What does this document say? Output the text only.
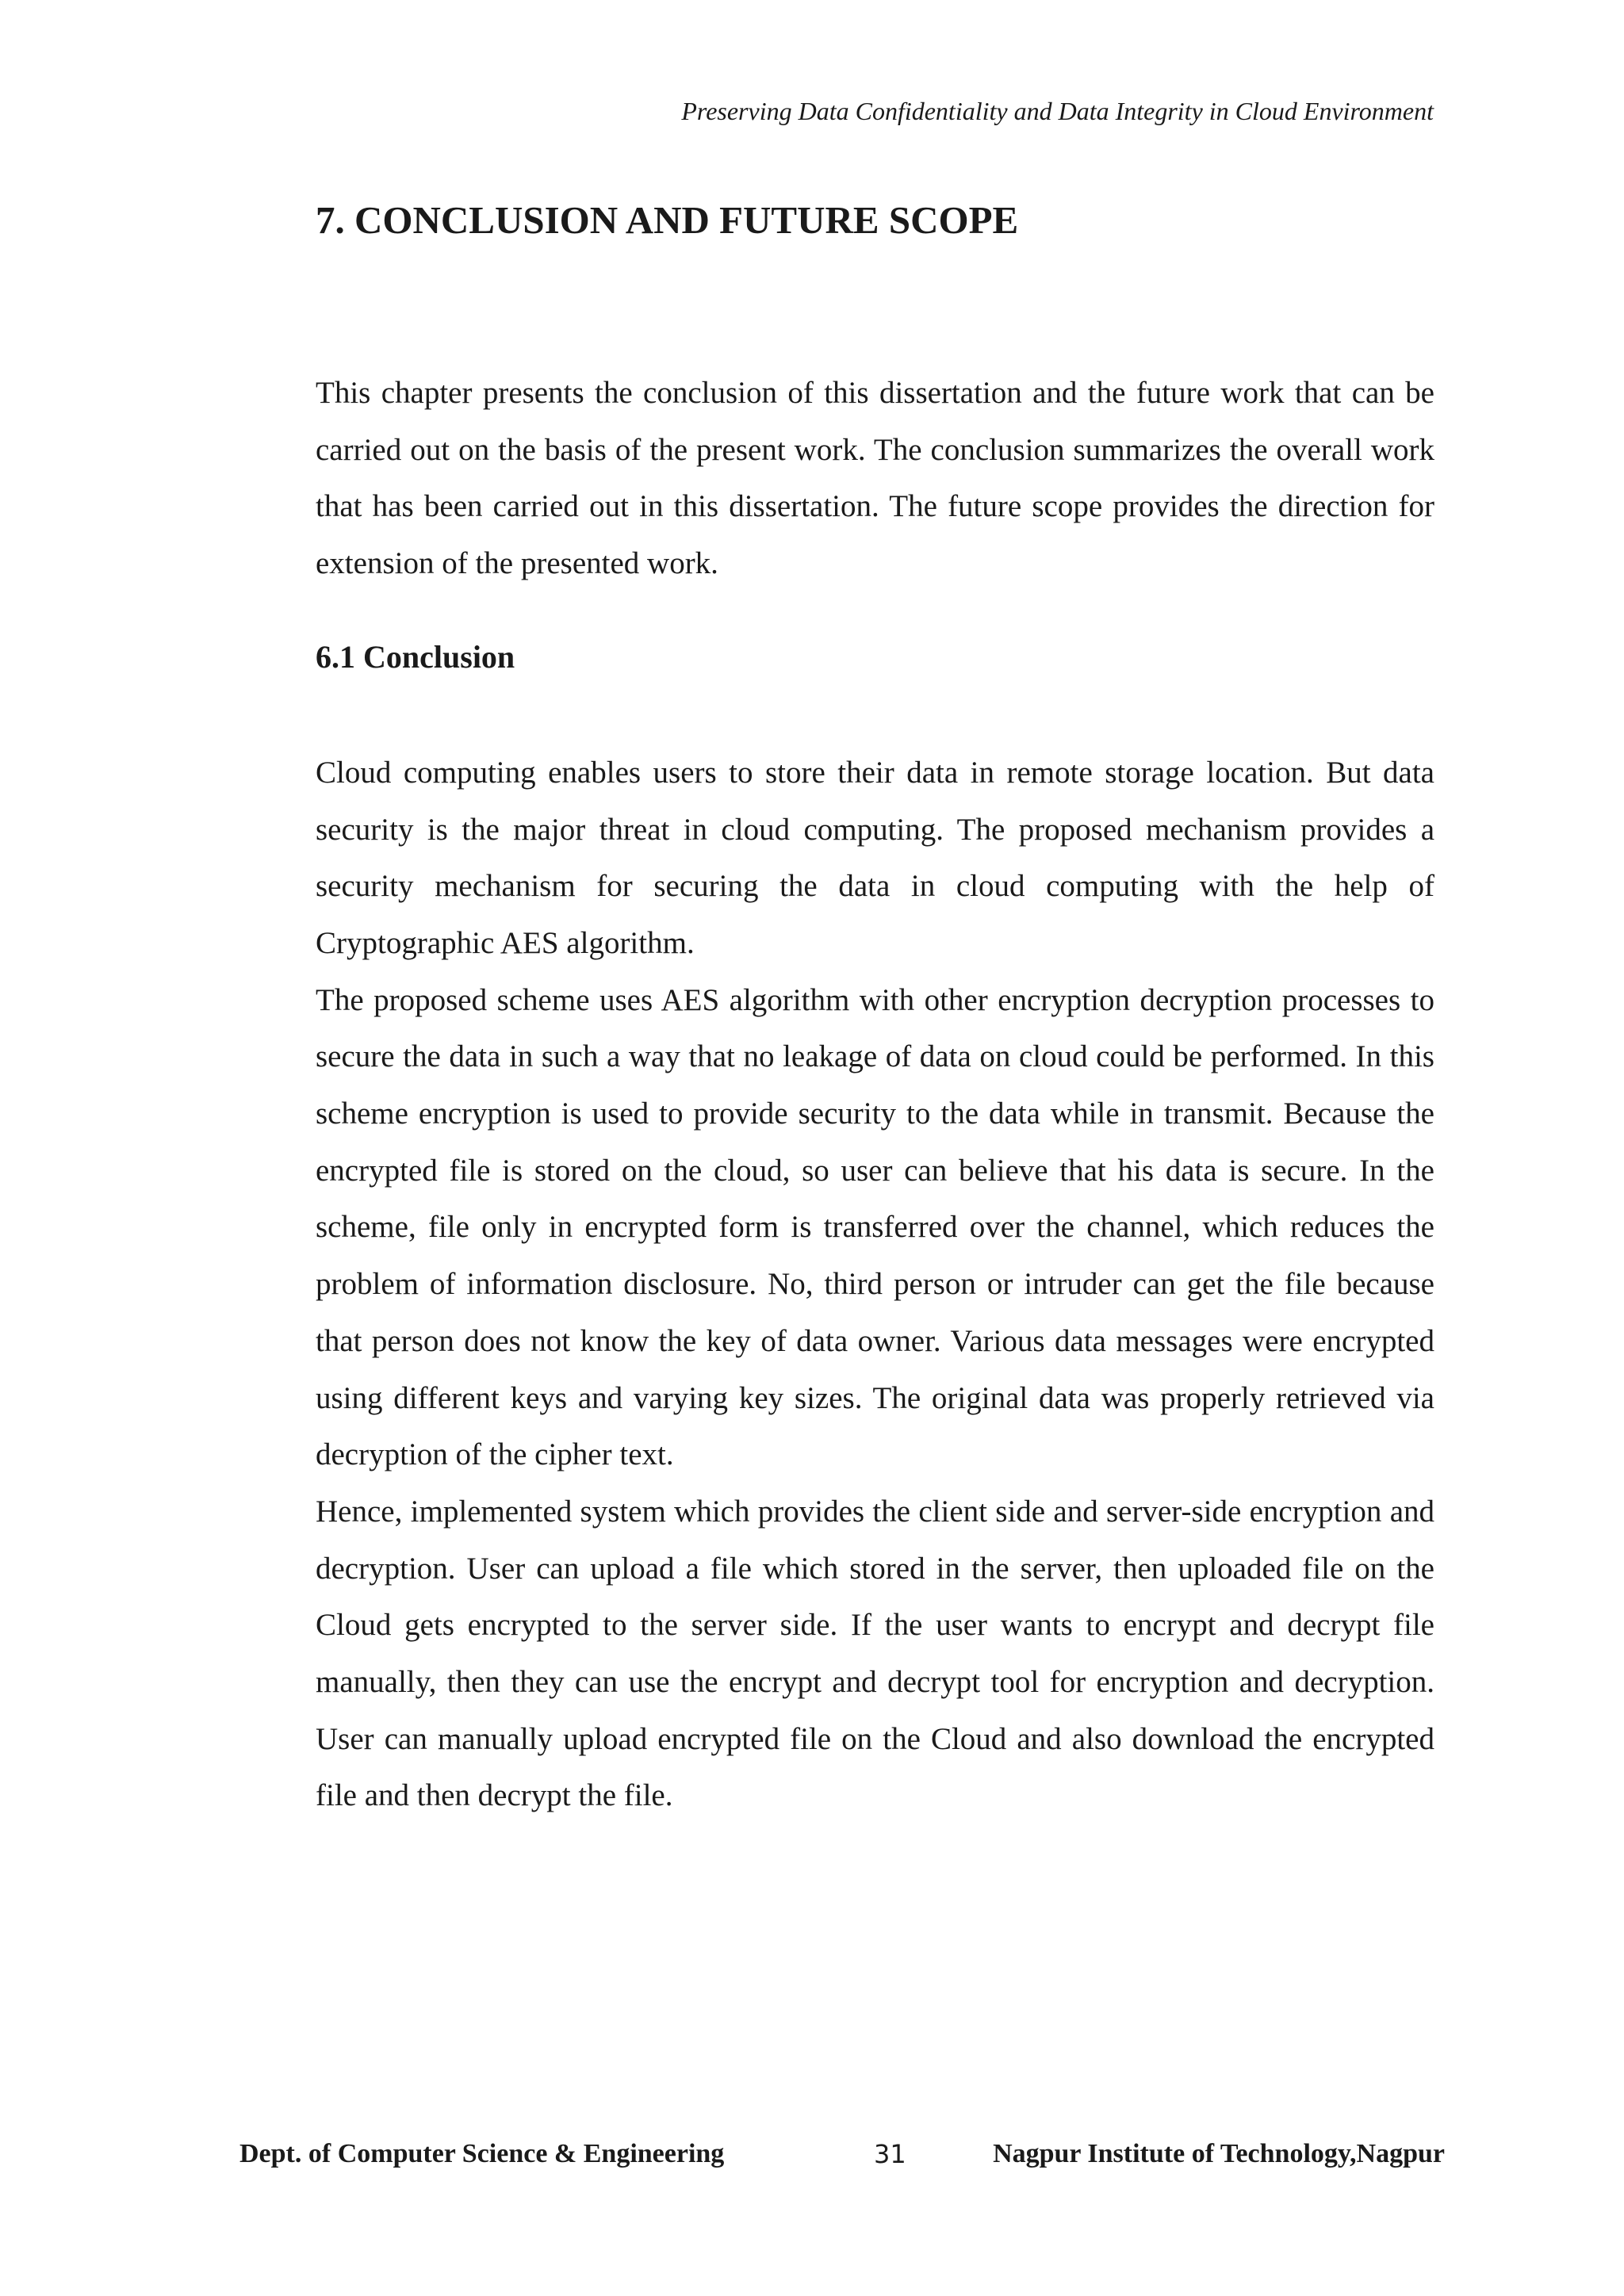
Preserving Data Confidentiality and Data Integrity in Cloud Environment
7. CONCLUSION AND FUTURE SCOPE

This chapter presents the conclusion of this dissertation and the future work that can be carried out on the basis of the present work. The conclusion summarizes the overall work that has been carried out in this dissertation. The future scope provides the direction for extension of the presented work.

6.1 Conclusion

Cloud computing enables users to store their data in remote storage location. But data security is the major threat in cloud computing. The proposed mechanism provides a security mechanism for securing the data in cloud computing with the help of Cryptographic AES algorithm.

The proposed scheme uses AES algorithm with other encryption decryption processes to secure the data in such a way that no leakage of data on cloud could be performed. In this scheme encryption is used to provide security to the data while in transmit. Because the encrypted file is stored on the cloud, so user can believe that his data is secure. In the scheme, file only in encrypted form is transferred over the channel, which reduces the problem of information disclosure. No, third person or intruder can get the file because that person does not know the key of data owner. Various data messages were encrypted using different keys and varying key sizes. The original data was properly retrieved via decryption of the cipher text.

Hence, implemented system which provides the client side and server-side encryption and decryption. User can upload a file which stored in the server, then uploaded file on the Cloud gets encrypted to the server side. If the user wants to encrypt and decrypt file manually, then they can use the encrypt and decrypt tool for encryption and decryption. User can manually upload encrypted file on the Cloud and also download the encrypted file and then decrypt the file.

Dept. of Computer Science & Engineering	31	Nagpur Institute of Technology,Nagpur
